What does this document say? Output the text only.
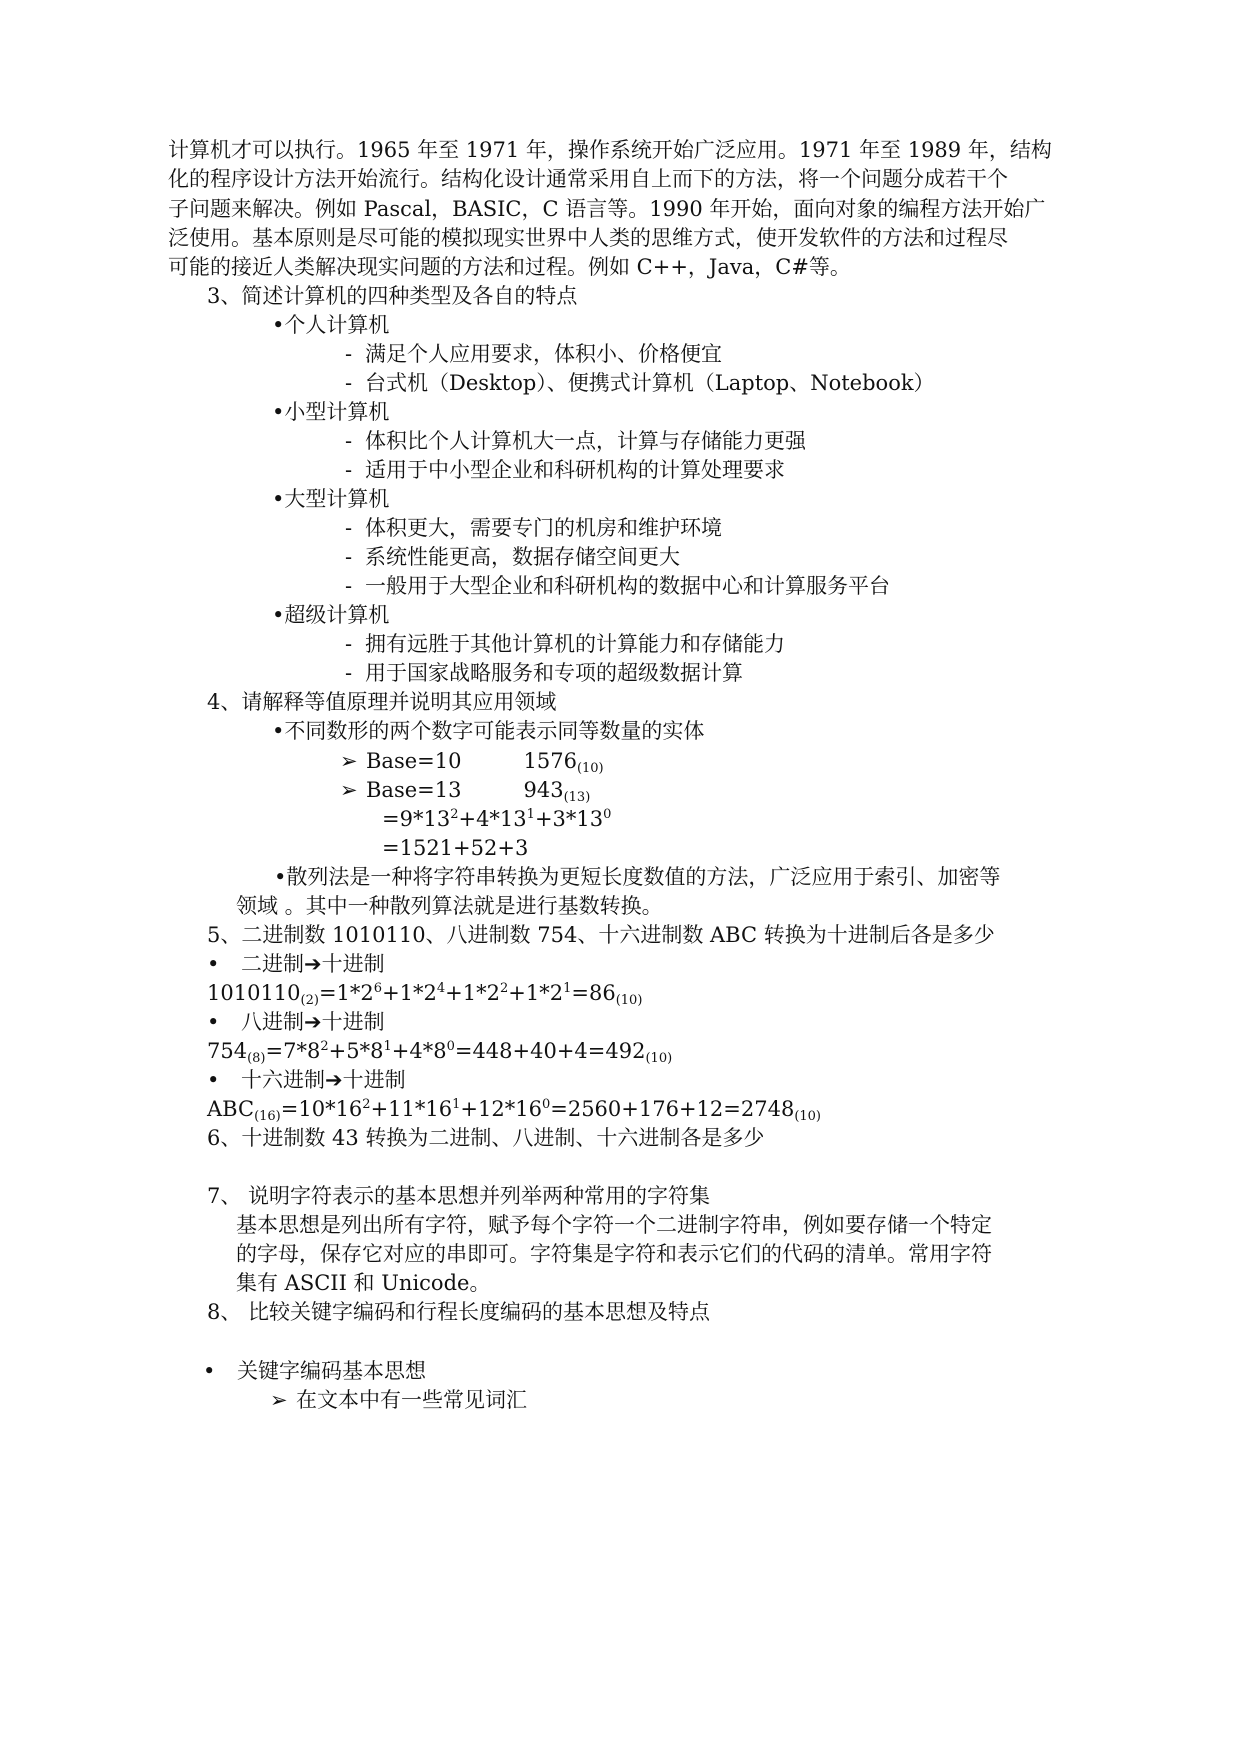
计算机才可以执行。1965 年至 1971 年，操作系统开始广泛应用。1971 年至 1989 年，结构
化的程序设计方法开始流行。结构化设计通常采用自上而下的方法，将一个问题分成若干个
子问题来解决。例如 Pascal，BASIC，C 语言等。1990 年开始，面向对象的编程方法开始广
泛使用。基本原则是尽可能的模拟现实世界中人类的思维方式，使开发软件的方法和过程尽
可能的接近人类解决现实问题的方法和过程。例如 C++，Java，C#等。
3、简述计算机的四种类型及各自的特点
•个人计算机
- 满足个人应用要求，体积小、价格便宜
- 台式机（Desktop）、便携式计算机（Laptop、Notebook）
•小型计算机
- 体积比个人计算机大一点，计算与存储能力更强
- 适用于中小型企业和科研机构的计算处理要求
•大型计算机
- 体积更大，需要专门的机房和维护环境
- 系统性能更高，数据存储空间更大
- 一般用于大型企业和科研机构的数据中心和计算服务平台
•超级计算机
- 拥有远胜于其他计算机的计算能力和存储能力
- 用于国家战略服务和专项的超级数据计算
4、请解释等值原理并说明其应用领域
•不同数形的两个数字可能表示同等数量的实体
➢ Base=10	$1576_{(10)}$
➢ Base=13	$943_{(13)}$
$=9*13^2+4*13^1+3*13^0$
=1521+52+3
•散列法是一种将字符串转换为更短长度数值的方法，广泛应用于索引、加密等
领域 。其中一种散列算法就是进行基数转换。
5、二进制数 1010110、八进制数 754、十六进制数 ABC 转换为十进制后各是多少
• 二进制➔十进制
$1010110_{(2)}=1*2^6+1*2^4+1*2^2+1*2^1=86_{(10)}$
• 八进制➔十进制
$754_{(8)}=7*8^2+5*8^1+4*8^0=448+40+4=492_{(10)}$
• 十六进制➔十进制
$ABC_{(16)}=10*16^2+11*16^1+12*16^0=2560+176+12=2748_{(10)}$
6、十进制数 43 转换为二进制、八进制、十六进制各是多少
7、 说明字符表示的基本思想并列举两种常用的字符集
基本思想是列出所有字符，赋予每个字符一个二进制字符串，例如要存储一个特定
的字母，保存它对应的串即可。字符集是字符和表示它们的代码的清单。常用字符
集有 ASCII 和 Unicode。
8、 比较关键字编码和行程长度编码的基本思想及特点
• 关键字编码基本思想
➢ 在文本中有一些常见词汇
